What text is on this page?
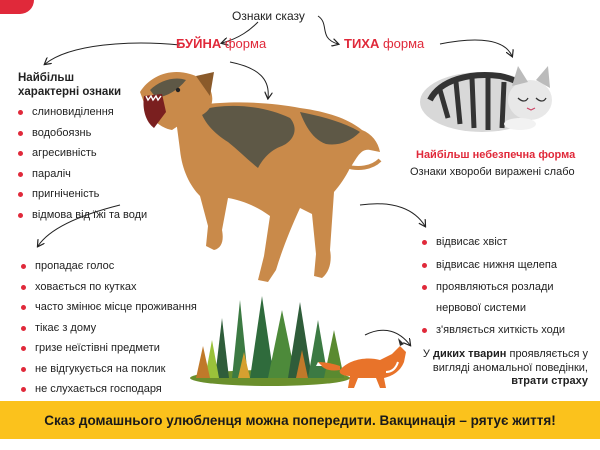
Ознаки сказу
БУЙНА форма	ТИХА форма
Найбільш
характерні ознаки
слиновиділення
водобоязнь
агресивність
параліч
пригніченість
відмова від їжі та води
пропадає голос
ховається по кутках
часто змінює місце проживання
тікає з дому
гризе неїстівні предмети
не відгукується на поклик
не слухається господаря
Найбільш небезпечна форма
Ознаки хвороби виражені слабо
відвисає хвіст
відвисає нижня щелепа
проявляються розлади нервової системи
з'являється хиткість ходи
У диких тварин проявляється у вигляді аномальної поведінки, втрати страху
Сказ домашнього улюбленця можна попередити. Вакцинація – рятує життя!
